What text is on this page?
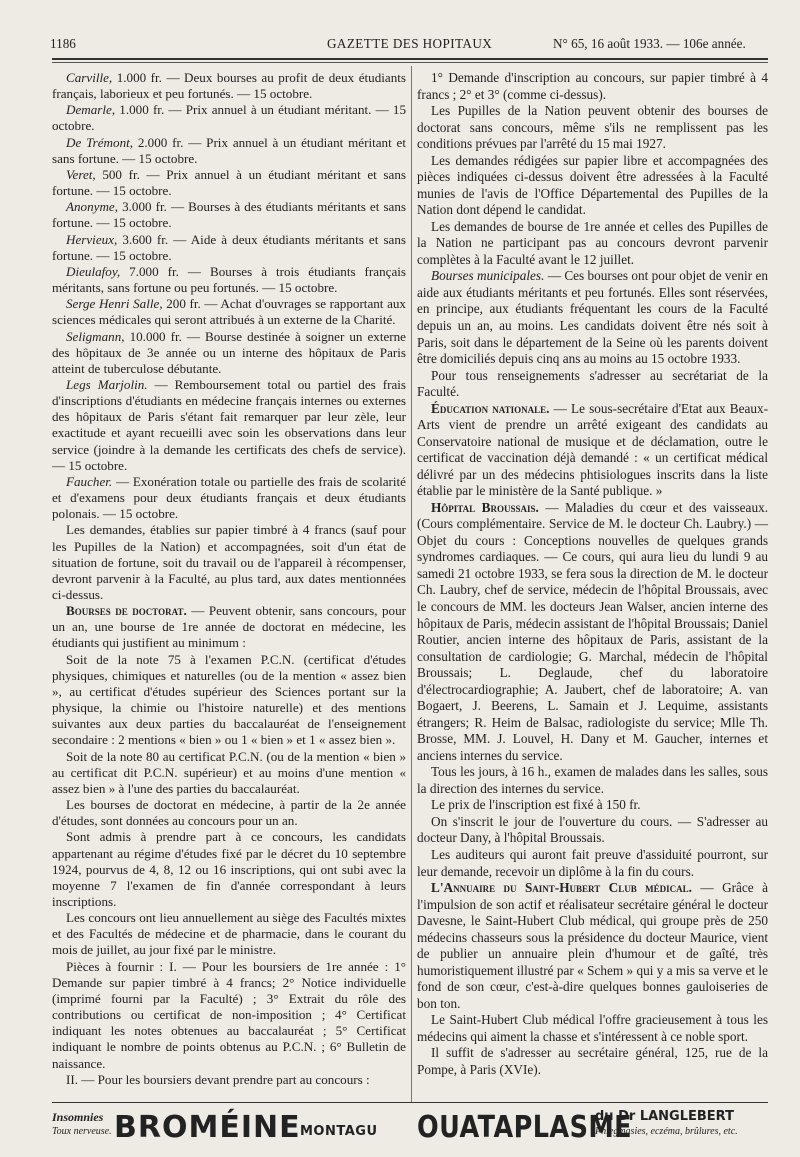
1186	GAZETTE DES HOPITAUX	N° 65, 16 août 1933. — 106e année.

Carville, 1.000 fr. — Deux bourses au profit de deux étudiants français, laborieux et peu fortunés. — 15 octobre.

Demarle, 1.000 fr. — Prix annuel à un étudiant méritant. — 15 octobre.

De Trémont, 2.000 fr. — Prix annuel à un étudiant méritant et sans fortune. — 15 octobre.

Veret, 500 fr. — Prix annuel à un étudiant méritant et sans fortune. — 15 octobre.

Anonyme, 3.000 fr. — Bourses à des étudiants méritants et sans fortune. — 15 octobre.

Hervieux, 3.600 fr. — Aide à deux étudiants méritants et sans fortune. — 15 octobre.

Dieulafoy, 7.000 fr. — Bourses à trois étudiants français méritants, sans fortune ou peu fortunés. — 15 octobre.

Serge Henri Salle, 200 fr. — Achat d'ouvrages se rapportant aux sciences médicales qui seront attribués à un externe de la Charité.

Seligmann, 10.000 fr. — Bourse destinée à soigner un externe des hôpitaux de 3e année ou un interne des hôpitaux de Paris atteint de tuberculose débutante.

Legs Marjolin. — Remboursement total ou partiel des frais d'inscriptions d'étudiants en médecine français internes ou externes des hôpitaux de Paris s'étant fait remarquer par leur zèle, leur exactitude et ayant recueilli avec soin les observations dans leur service (joindre à la demande les certificats des chefs de service). — 15 octobre.

Faucher. — Exonération totale ou partielle des frais de scolarité et d'examens pour deux étudiants français et deux étudiants polonais. — 15 octobre.

Les demandes, établies sur papier timbré à 4 francs (sauf pour les Pupilles de la Nation) et accompagnées, soit d'un état de situation de fortune, soit du travail ou de l'appareil à récompenser, devront parvenir à la Faculté, au plus tard, aux dates mentionnées ci-dessus.

Bourses de doctorat. — Peuvent obtenir, sans concours, pour un an, une bourse de 1re année de doctorat en médecine, les étudiants qui justifient au minimum :

Soit de la note 75 à l'examen P.C.N. (certificat d'études physiques, chimiques et naturelles (ou de la mention « assez bien », au certificat d'études supérieur des Sciences portant sur la physique, la chimie ou l'histoire naturelle) et des mentions suivantes aux deux parties du baccalauréat de l'enseignement secondaire : 2 mentions « bien » ou 1 « bien » et 1 « assez bien ».

Soit de la note 80 au certificat P.C.N. (ou de la mention « bien » au certificat dit P.C.N. supérieur) et au moins d'une mention « assez bien » à l'une des parties du baccalauréat.

Les bourses de doctorat en médecine, à partir de la 2e année d'études, sont données au concours pour un an.

Sont admis à prendre part à ce concours, les candidats appartenant au régime d'études fixé par le décret du 10 septembre 1924, pourvus de 4, 8, 12 ou 16 inscriptions, qui ont subi avec la moyenne 7 l'examen de fin d'année correspondant à leurs inscriptions.

Les concours ont lieu annuellement au siège des Facultés mixtes et des Facultés de médecine et de pharmacie, dans le courant du mois de juillet, au jour fixé par le ministre.

Pièces à fournir : I. — Pour les boursiers de 1re année : 1° Demande sur papier timbré à 4 francs; 2° Notice individuelle (imprimé fourni par la Faculté) ; 3° Extrait du rôle des contributions ou certificat de non-imposition ; 4° Certificat indiquant les notes obtenues au baccalauréat ; 5° Certificat indiquant le nombre de points obtenus au P.C.N. ; 6° Bulletin de naissance.

II. — Pour les boursiers devant prendre part au concours :

1° Demande d'inscription au concours, sur papier timbré à 4 francs ; 2° et 3° (comme ci-dessus).

Les Pupilles de la Nation peuvent obtenir des bourses de doctorat sans concours, même s'ils ne remplissent pas les conditions prévues par l'arrêté du 15 mai 1927.

Les demandes rédigées sur papier libre et accompagnées des pièces indiquées ci-dessus doivent être adressées à la Faculté munies de l'avis de l'Office Départemental des Pupilles de la Nation dont dépend le candidat.

Les demandes de bourse de 1re année et celles des Pupilles de la Nation ne participant pas au concours devront parvenir complètes à la Faculté avant le 12 juillet.

Bourses municipales. — Ces bourses ont pour objet de venir en aide aux étudiants méritants et peu fortunés. Elles sont réservées, en principe, aux étudiants fréquentant les cours de la Faculté depuis un an, au moins. Les candidats doivent être nés soit à Paris, soit dans le département de la Seine où les parents doivent être domiciliés depuis cinq ans au moins au 15 octobre 1933.

Pour tous renseignements s'adresser au secrétariat de la Faculté.

Éducation nationale. — Le sous-secrétaire d'Etat aux Beaux-Arts vient de prendre un arrêté exigeant des candidats au Conservatoire national de musique et de déclamation, outre le certificat de vaccination déjà demandé : « un certificat médical délivré par un des médecins phtisiologues inscrits dans la liste établie par le ministère de la Santé publique. »

Hôpital Broussais. — Maladies du cœur et des vaisseaux. (Cours complémentaire. Service de M. le docteur Ch. Laubry.) — Objet du cours : Conceptions nouvelles de quelques grands syndromes cardiaques. — Ce cours, qui aura lieu du lundi 9 au samedi 21 octobre 1933, se fera sous la direction de M. le docteur Ch. Laubry, chef de service, médecin de l'hôpital Broussais, avec le concours de MM. les docteurs Jean Walser, ancien interne des hôpitaux de Paris, médecin assistant de l'hôpital Broussais; Daniel Routier, ancien interne des hôpitaux de Paris, assistant de la consultation de cardiologie; G. Marchal, médecin de l'hôpital Broussais; L. Deglaude, chef du laboratoire d'électrocardiographie; A. Jaubert, chef de laboratoire; A. van Bogaert, J. Beerens, L. Samain et J. Lequime, assistants étrangers; R. Heim de Balsac, radiologiste du service; Mlle Th. Brosse, MM. J. Louvel, H. Dany et M. Gaucher, internes et anciens internes du service.

Tous les jours, à 16 h., examen de malades dans les salles, sous la direction des internes du service.

Le prix de l'inscription est fixé à 150 fr.

On s'inscrit le jour de l'ouverture du cours. — S'adresser au docteur Dany, à l'hôpital Broussais.

Les auditeurs qui auront fait preuve d'assiduité pourront, sur leur demande, recevoir un diplôme à la fin du cours.

L'Annuaire du Saint-Hubert Club médical. — Grâce à l'impulsion de son actif et réalisateur secrétaire général le docteur Davesne, le Saint-Hubert Club médical, qui groupe près de 250 médecins chasseurs sous la présidence du docteur Maurice, vient de publier un annuaire plein d'humour et de gaîté, très humoristiquement illustré par « Schem » qui y a mis sa verve et le fond de son cœur, c'est-à-dire quelques bonnes gauloiseries de bon ton.

Le Saint-Hubert Club médical l'offre gracieusement à tous les médecins qui aiment la chasse et s'intéressent à ce noble sport.

Il suffit de s'adresser au secrétaire général, 125, rue de la Pompe, à Paris (XVIe).

Insomnies
Toux nerveuse. BROMÉINE MONTAGU OUATAPLASME
du Dr LANGLEBERT
Phlegmasies, eczéma, brûlures, etc.
